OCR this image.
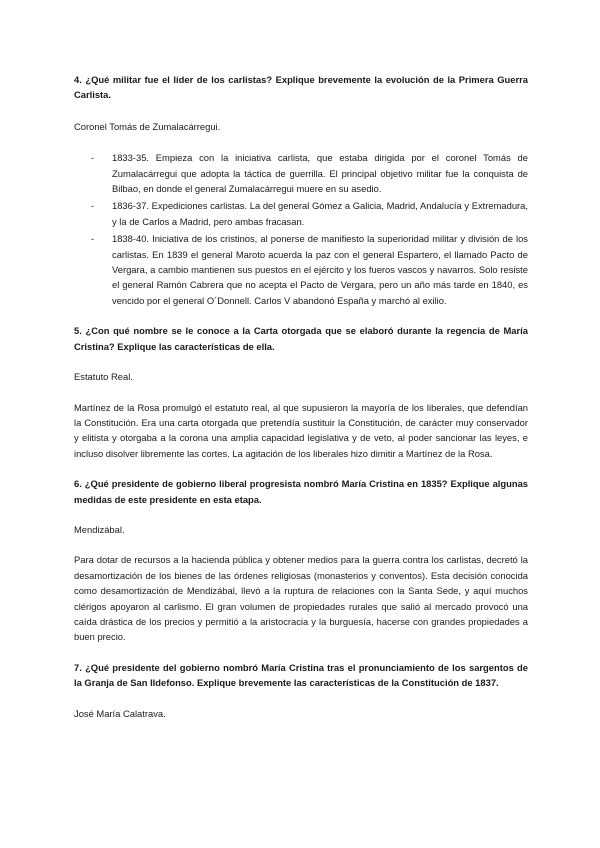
4. ¿Qué militar fue el líder de los carlistas? Explique brevemente la evolución de la Primera Guerra Carlista.

Coronel Tomás de Zumalacárregui.

- 1833-35. Empieza con la iniciativa carlista, que estaba dirigida por el coronel Tomás de Zumalacárregui que adopta la táctica de guerrilla. El principal objetivo militar fue la conquista de Bilbao, en donde el general Zumalacárregui muere en su asedio.
- 1836-37. Expediciones carlistas. La del general Gómez a Galicia, Madrid, Andalucía y Extremadura, y la de Carlos a Madrid, pero ambas fracasan.
- 1838-40. Iniciativa de los cristinos, al ponerse de manifiesto la superioridad militar y división de los carlistas. En 1839 el general Maroto acuerda la paz con el general Espartero, el llamado Pacto de Vergara, a cambio mantienen sus puestos en el ejército y los fueros vascos y navarros. Solo resiste el general Ramón Cabrera que no acepta el Pacto de Vergara, pero un año más tarde en 1840, es vencido por el general O´Donnell. Carlos V abandonó España y marchó al exilio.

5. ¿Con qué nombre se le conoce a la Carta otorgada que se elaboró durante la regencia de María Cristina? Explique las características de ella.

Estatuto Real.

Martínez de la Rosa promulgó el estatuto real, al que supusieron la mayoría de los liberales, que defendían la Constitución. Era una carta otorgada que pretendía sustituir la Constitución, de carácter muy conservador y elitista y otorgaba a la corona una amplia capacidad legislativa y de veto, al poder sancionar las leyes, e incluso disolver libremente las cortes. La agitación de los liberales hizo dimitir a Martínez de la Rosa.

6. ¿Qué presidente de gobierno liberal progresista nombró María Cristina en 1835? Explique algunas medidas de este presidente en esta etapa.

Mendizábal.

Para dotar de recursos a la hacienda pública y obtener medios para la guerra contra los carlistas, decretó la desamortización de los bienes de las órdenes religiosas (monasterios y conventos). Esta decisión conocida como desamortización de Mendizábal, llevó a la ruptura de relaciones con la Santa Sede, y aquí muchos clérigos apoyaron al carlismo. El gran volumen de propiedades rurales que salió al mercado provocó una caída drástica de los precios y permitió a la aristocracia y la burguesía, hacerse con grandes propiedades a buen precio.

7. ¿Qué presidente del gobierno nombró María Cristina tras el pronunciamiento de los sargentos de la Granja de San Ildefonso. Explique brevemente las características de la Constitución de 1837.

José María Calatrava.
